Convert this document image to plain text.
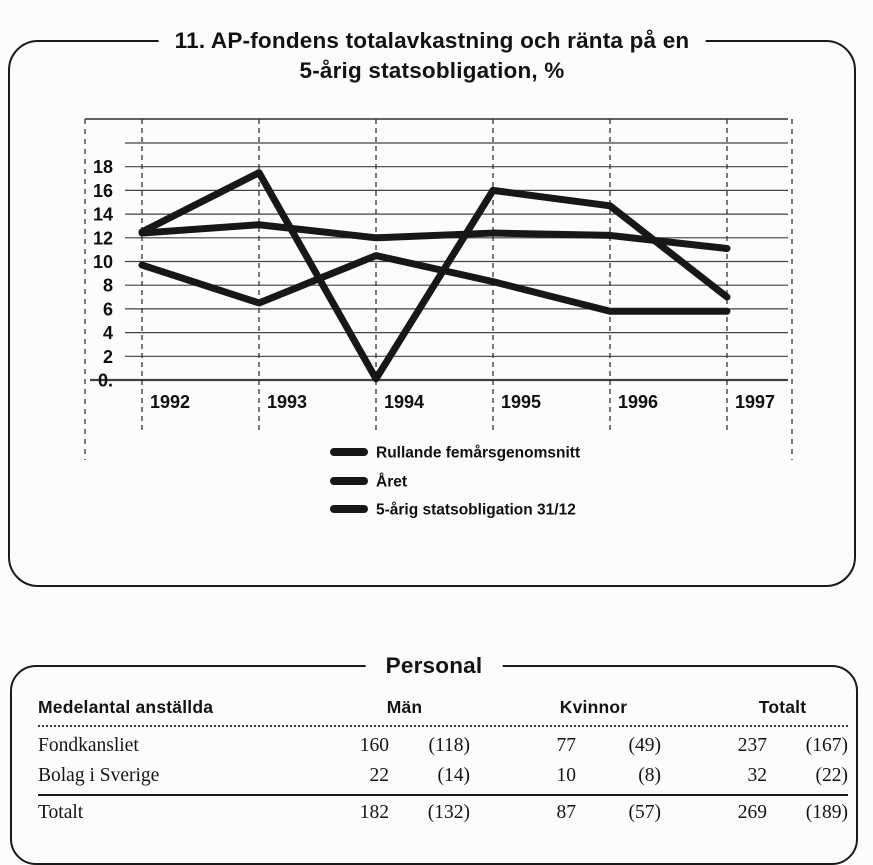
11. AP-fondens totalavkastning och ränta på en
5-årig statsobligation, %
0.
2
4
6
8
10
12
14
16
18
1992	1993	1994	1995	1996	1997
Rullande femårsgenomsnitt
Året
5-årig statsobligation 31/12
Personal
Medelantal anställda	Män	Kvinnor	Totalt
Fondkansliet	160	(118)	77	(49)	237	(167)
Bolag i Sverige	22	(14)	10	(8)	32	(22)
Totalt	182	(132)	87	(57)	269	(189)
